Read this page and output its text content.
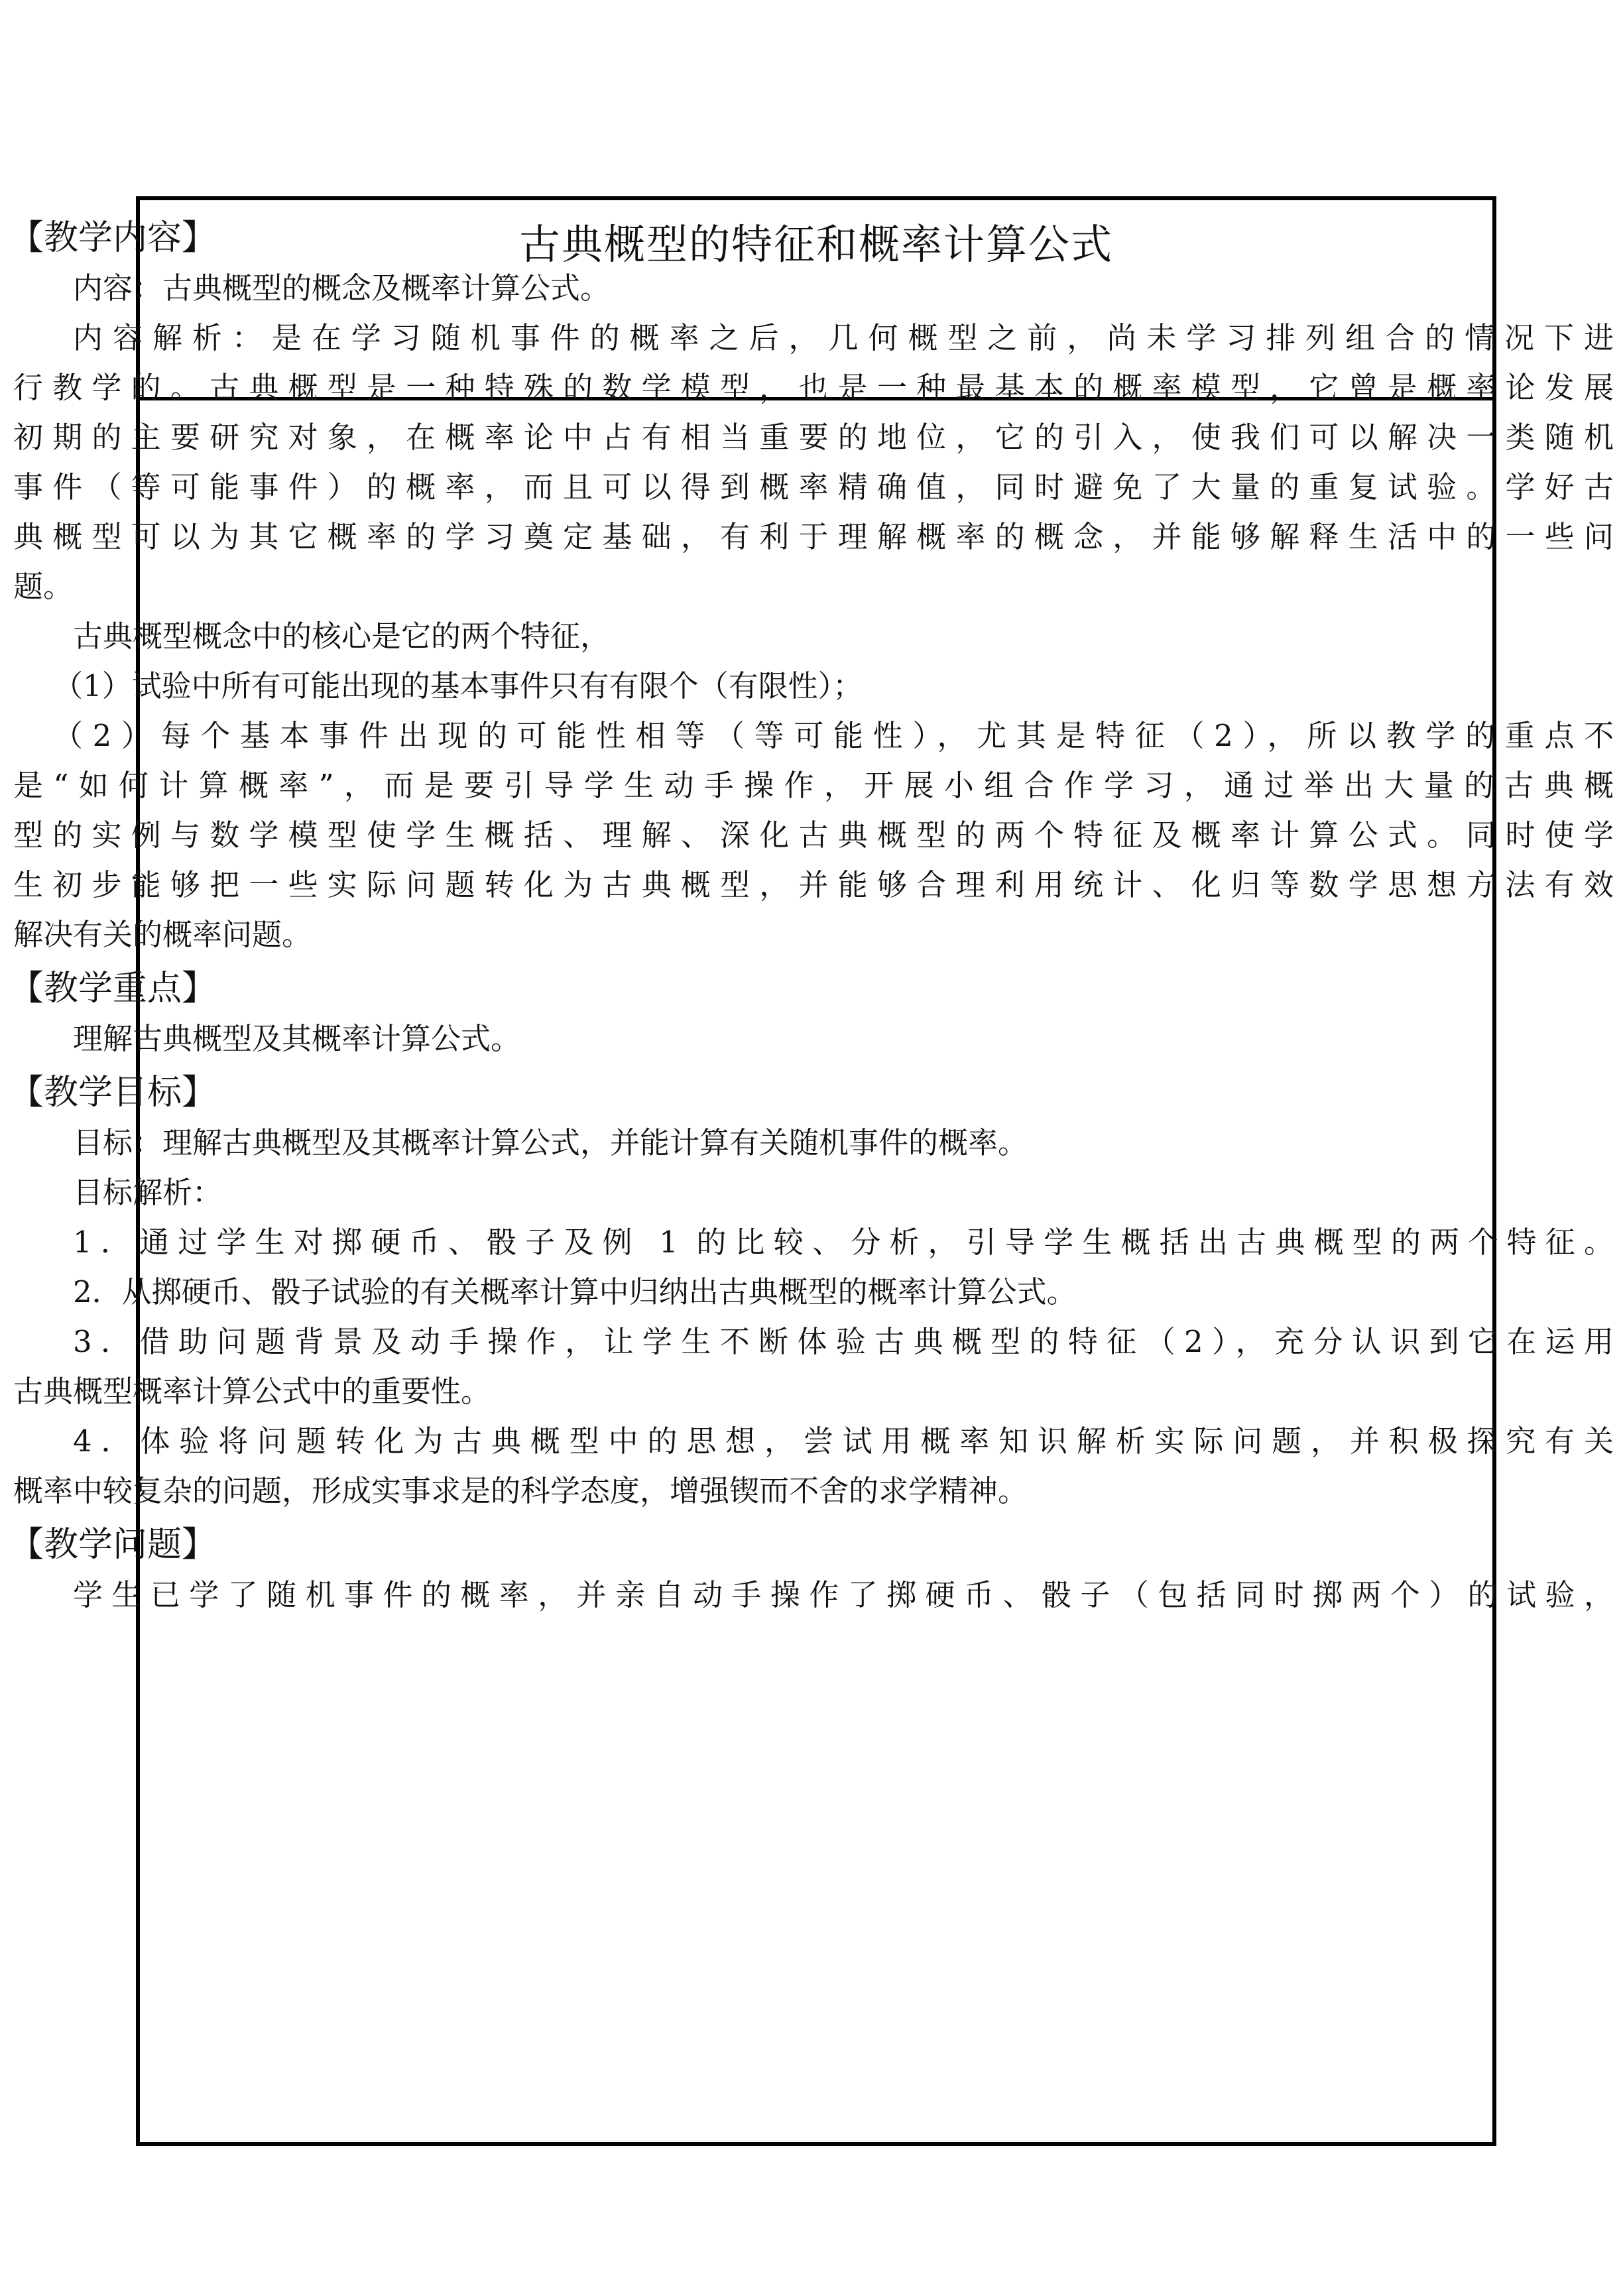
古典概型的特征和概率计算公式
【教学内容】
内容：古典概型的概念及概率计算公式。
内容解析：是在学习随机事件的概率之后，几何概型之前，尚未学习排列组合的情况下进
行教学的。古典概型是一种特殊的数学模型，也是一种最基本的概率模型，它曾是概率论发展
初期的主要研究对象，在概率论中占有相当重要的地位，它的引入，使我们可以解决一类随机
事件（等可能事件）的概率，而且可以得到概率精确值，同时避免了大量的重复试验。学好古
典概型可以为其它概率的学习奠定基础，有利于理解概率的概念，并能够解释生活中的一些问
题。
古典概型概念中的核心是它的两个特征，
（1）试验中所有可能出现的基本事件只有有限个（有限性）；
（2）每个基本事件出现的可能性相等（等可能性），尤其是特征（2），所以教学的重点不
是“如何计算概率”，而是要引导学生动手操作，开展小组合作学习，通过举出大量的古典概
型的实例与数学模型使学生概括、理解、深化古典概型的两个特征及概率计算公式。同时使学
生初步能够把一些实际问题转化为古典概型，并能够合理利用统计、化归等数学思想方法有效
解决有关的概率问题。
【教学重点】
理解古典概型及其概率计算公式。
【教学目标】
目标：理解古典概型及其概率计算公式，并能计算有关随机事件的概率。
目标解析：
1．通过学生对掷硬币、骰子及例 1 的比较、分析，引导学生概括出古典概型的两个特征。
2．从掷硬币、骰子试验的有关概率计算中归纳出古典概型的概率计算公式。
3．借助问题背景及动手操作，让学生不断体验古典概型的特征（2），充分认识到它在运用
古典概型概率计算公式中的重要性。
4．体验将问题转化为古典概型中的思想，尝试用概率知识解析实际问题，并积极探究有关
概率中较复杂的问题，形成实事求是的科学态度，增强锲而不舍的求学精神。
【教学问题】
学生已学了随机事件的概率，并亲自动手操作了掷硬币、骰子（包括同时掷两个）的试验，
